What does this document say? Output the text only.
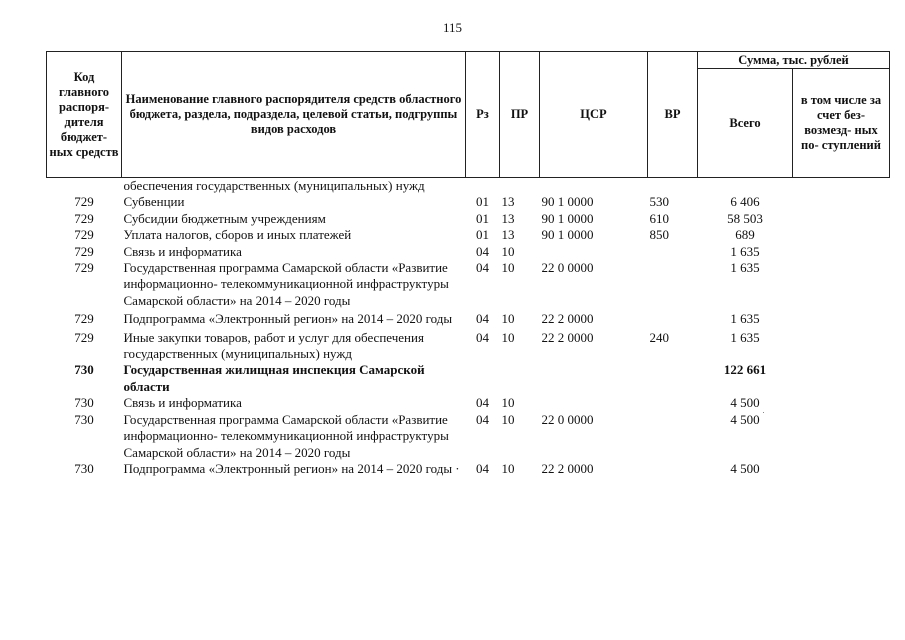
115
Код главного распоря- дителя бюджет- ных средств	Наименование главного распорядителя средств областного бюджета, раздела, подраздела, целевой статьи, подгруппы видов расходов	Рз	ПР	ЦСР	ВР	Сумма, тыс. рублей	
						Всего	в том числе за счет без- возмезд- ных по- ступлений
	обеспечения государственных (муниципальных) нужд						
729	Субвенции	01	13	90 1 0000	530	6 406	
729	Субсидии бюджетным учреждениям	01	13	90 1 0000	610	58 503	
729	Уплата налогов, сборов и иных платежей	01	13	90 1 0000	850	689	
729	Связь и информатика	04	10			1 635	
729	Государственная программа Самарской области «Развитие информационно- телекоммуникационной инфраструктуры Самарской области» на 2014 – 2020 годы	04	10	22 0 0000		1 635	
729	Подпрограмма «Электронный регион» на 2014 – 2020 годы	04	10	22 2 0000		1 635	
729	Иные закупки товаров, работ и услуг для обеспечения государственных (муниципальных) нужд	04	10	22 2 0000	240	1 635	
730	Государственная жилищная инспекция Самарской области					122 661	
730	Связь и информатика	04	10			4 500	
730	Государственная программа Самарской области «Развитие информационно- телекоммуникационной инфраструктуры Самарской области» на 2014 – 2020 годы	04	10	22 0 0000		4 500	
730	Подпрограмма «Электронный регион» на 2014 – 2020 годы ·	04	10	22 2 0000		4 500	
